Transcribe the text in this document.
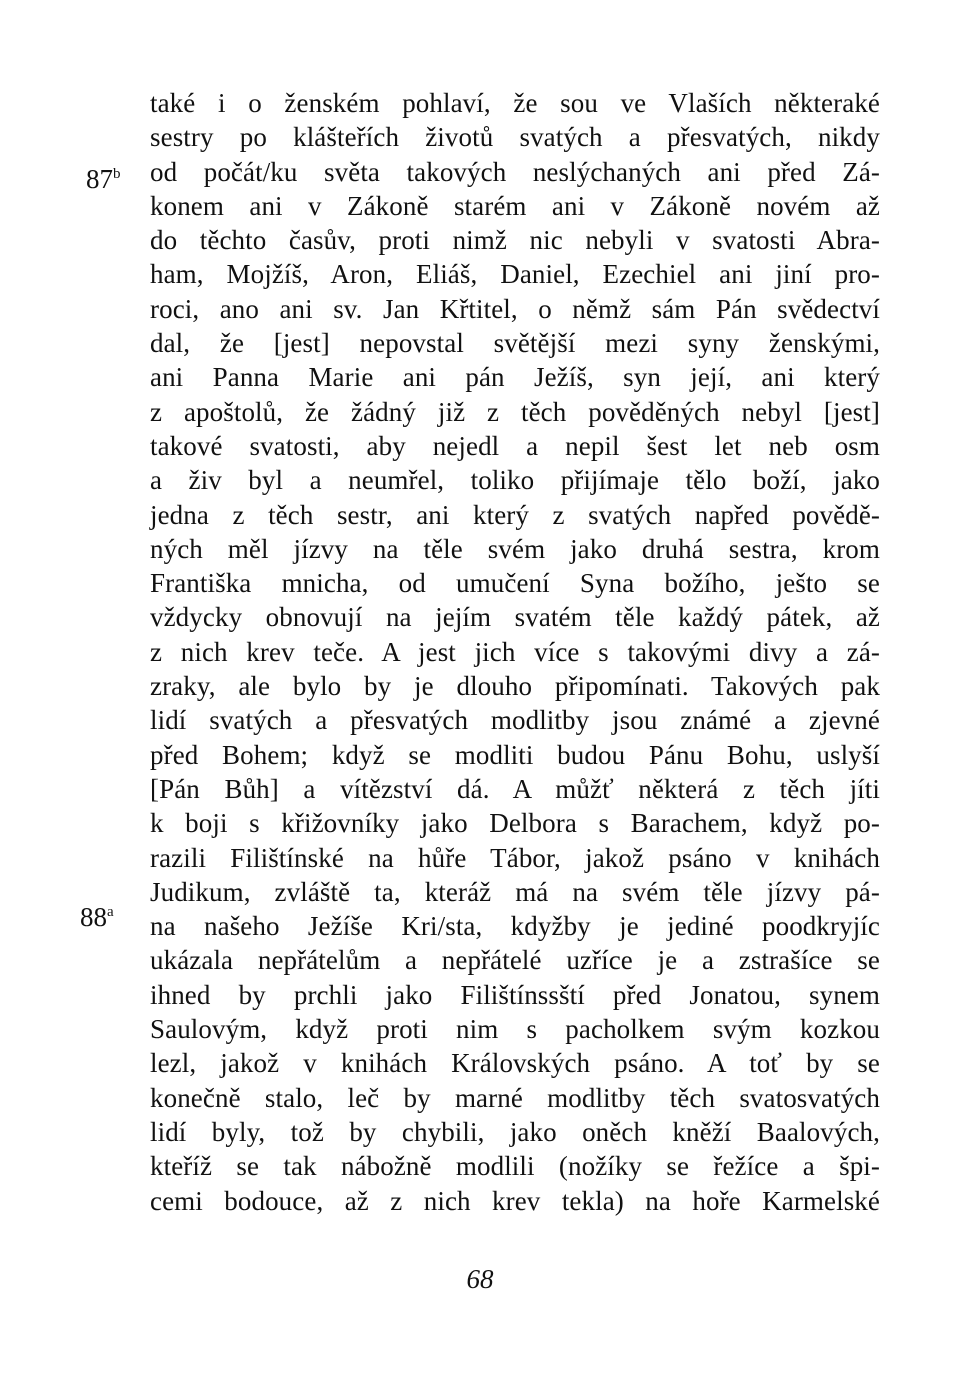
87$^b$
88$^a$
také i o ženském pohlaví, že sou ve Vlaších některaké
sestry po klášteřích životů svatých a přesvatých, nikdy
od počát/ku světa takových neslýchaných ani před Zá-
konem ani v Zákoně starém ani v Zákoně novém až
do těchto časův, proti nimž nic nebyli v svatosti Abra-
ham, Mojžíš, Aron, Eliáš, Daniel, Ezechiel ani jiní pro-
roci, ano ani sv. Jan Křtitel, o němž sám Pán svědectví
dal, že [jest] nepovstal světější mezi syny ženskými,
ani Panna Marie ani pán Ježíš, syn její, ani který
z apoštolů, že žádný již z těch pověděných nebyl [jest]
takové svatosti, aby nejedl a nepil šest let neb osm
a živ byl a neumřel, toliko přijímaje tělo boží, jako
jedna z těch sestr, ani který z svatých napřed povědě-
ných měl jízvy na těle svém jako druhá sestra, krom
Františka mnicha, od umučení Syna božího, ješto se
vždycky obnovují na jejím svatém těle každý pátek, až
z nich krev teče. A jest jich více s takovými divy a zá-
zraky, ale bylo by je dlouho připomínati. Takových pak
lidí svatých a přesvatých modlitby jsou známé a zjevné
před Bohem; když se modliti budou Pánu Bohu, uslyší
[Pán Bůh] a vítězství dá. A můžť některá z těch jíti
k boji s křižovníky jako Delbora s Barachem, když po-
razili Filištínské na hůře Tábor, jakož psáno v knihách
Judikum, zvláště ta, kteráž má na svém těle jízvy pá-
na našeho Ježíše Kri/sta, kdyžby je jediné poodkryjíc
ukázala nepřátelům a nepřátelé uzříce je a zstrašíce se
ihned by prchli jako Filištínssští před Jonatou, synem
Saulovým, když proti nim s pacholkem svým kozkou
lezl, jakož v knihách Královských psáno. A toť by se
konečně stalo, leč by marné modlitby těch svatosvatých
lidí byly, tož by chybili, jako oněch kněží Baalových,
kteříž se tak nábožně modlili (nožíky se řežíce a špi-
cemi bodouce, až z nich krev tekla) na hoře Karmelské
68
